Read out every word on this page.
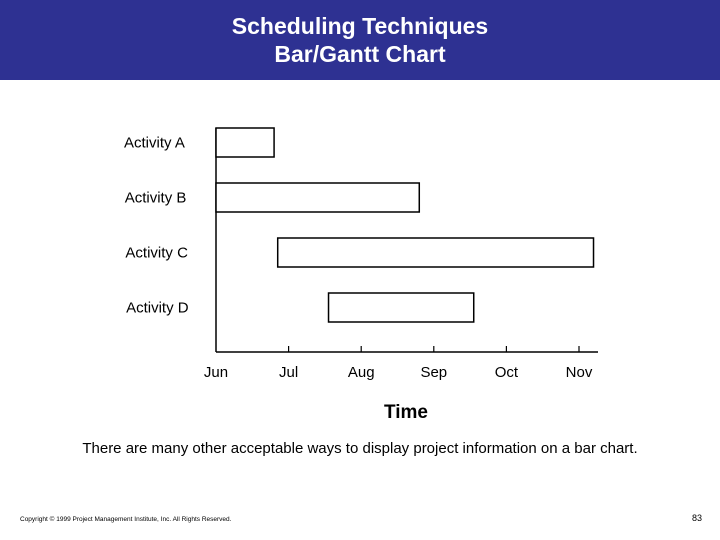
Scheduling Techniques
Bar/Gantt Chart
Jun	Jul	Aug	Sep	Oct	Nov
Activity A
Activity B
Activity C
Activity D
Time
There are many other acceptable ways to display project information on a bar chart.
Copyright © 1999 Project Management Institute, Inc. All Rights Reserved.	83
